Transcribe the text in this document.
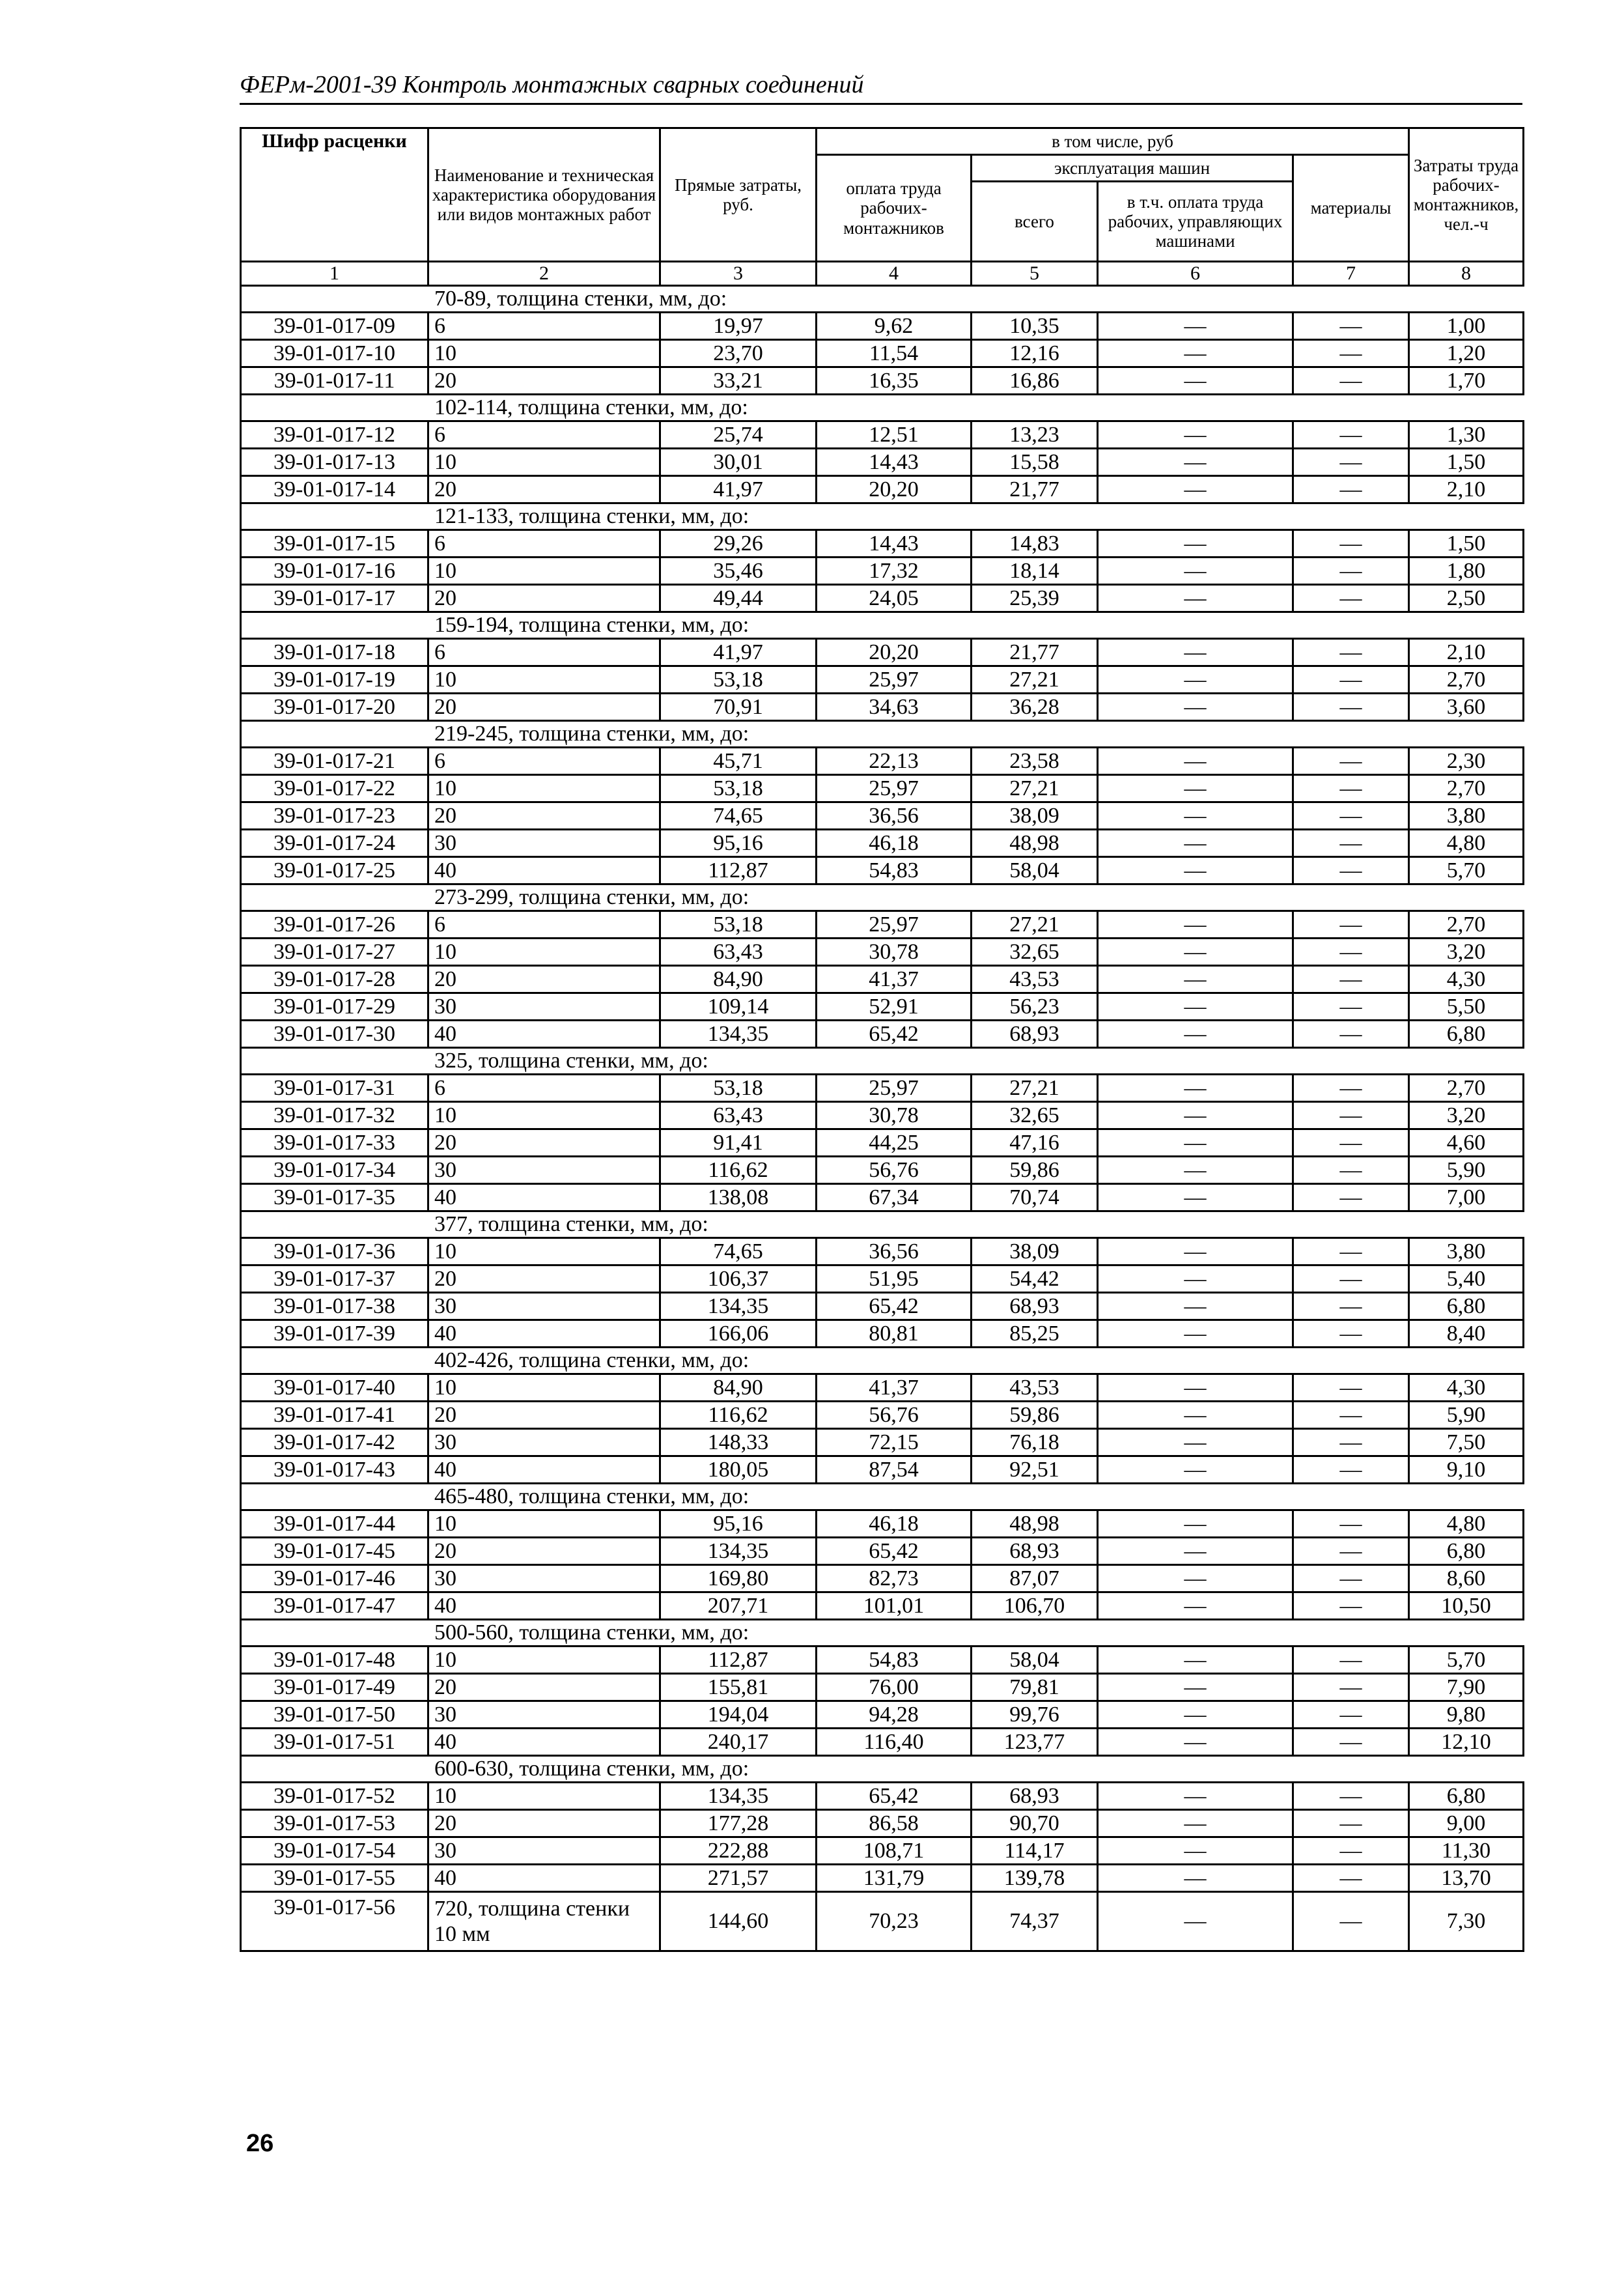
ФЕРм-2001-39 Контроль монтажных сварных соединений
Шифр расценки	Наименование и техническая характеристика оборудования или видов монтажных работ	Прямые затраты, руб.	в том числе, руб				Затраты труда рабочих-монтажников, чел.-ч
			оплата труда рабочих-монтажников	эксплуатация машин		материалы	
				всего	в т.ч. оплата труда рабочих, управляющих машинами		
1	2	3	4	5	6	7	8
70-89, толщина стенки, мм, до:							
39-01-017-09	6	19,97	9,62	10,35	—	—	1,00
39-01-017-10	10	23,70	11,54	12,16	—	—	1,20
39-01-017-11	20	33,21	16,35	16,86	—	—	1,70
102-114, толщина стенки, мм, до:							
39-01-017-12	6	25,74	12,51	13,23	—	—	1,30
39-01-017-13	10	30,01	14,43	15,58	—	—	1,50
39-01-017-14	20	41,97	20,20	21,77	—	—	2,10
121-133, толщина стенки, мм, до:							
39-01-017-15	6	29,26	14,43	14,83	—	—	1,50
39-01-017-16	10	35,46	17,32	18,14	—	—	1,80
39-01-017-17	20	49,44	24,05	25,39	—	—	2,50
159-194, толщина стенки, мм, до:							
39-01-017-18	6	41,97	20,20	21,77	—	—	2,10
39-01-017-19	10	53,18	25,97	27,21	—	—	2,70
39-01-017-20	20	70,91	34,63	36,28	—	—	3,60
219-245, толщина стенки, мм, до:							
39-01-017-21	6	45,71	22,13	23,58	—	—	2,30
39-01-017-22	10	53,18	25,97	27,21	—	—	2,70
39-01-017-23	20	74,65	36,56	38,09	—	—	3,80
39-01-017-24	30	95,16	46,18	48,98	—	—	4,80
39-01-017-25	40	112,87	54,83	58,04	—	—	5,70
273-299, толщина стенки, мм, до:							
39-01-017-26	6	53,18	25,97	27,21	—	—	2,70
39-01-017-27	10	63,43	30,78	32,65	—	—	3,20
39-01-017-28	20	84,90	41,37	43,53	—	—	4,30
39-01-017-29	30	109,14	52,91	56,23	—	—	5,50
39-01-017-30	40	134,35	65,42	68,93	—	—	6,80
325, толщина стенки, мм, до:							
39-01-017-31	6	53,18	25,97	27,21	—	—	2,70
39-01-017-32	10	63,43	30,78	32,65	—	—	3,20
39-01-017-33	20	91,41	44,25	47,16	—	—	4,60
39-01-017-34	30	116,62	56,76	59,86	—	—	5,90
39-01-017-35	40	138,08	67,34	70,74	—	—	7,00
377, толщина стенки, мм, до:							
39-01-017-36	10	74,65	36,56	38,09	—	—	3,80
39-01-017-37	20	106,37	51,95	54,42	—	—	5,40
39-01-017-38	30	134,35	65,42	68,93	—	—	6,80
39-01-017-39	40	166,06	80,81	85,25	—	—	8,40
402-426, толщина стенки, мм, до:							
39-01-017-40	10	84,90	41,37	43,53	—	—	4,30
39-01-017-41	20	116,62	56,76	59,86	—	—	5,90
39-01-017-42	30	148,33	72,15	76,18	—	—	7,50
39-01-017-43	40	180,05	87,54	92,51	—	—	9,10
465-480, толщина стенки, мм, до:							
39-01-017-44	10	95,16	46,18	48,98	—	—	4,80
39-01-017-45	20	134,35	65,42	68,93	—	—	6,80
39-01-017-46	30	169,80	82,73	87,07	—	—	8,60
39-01-017-47	40	207,71	101,01	106,70	—	—	10,50
500-560, толщина стенки, мм, до:							
39-01-017-48	10	112,87	54,83	58,04	—	—	5,70
39-01-017-49	20	155,81	76,00	79,81	—	—	7,90
39-01-017-50	30	194,04	94,28	99,76	—	—	9,80
39-01-017-51	40	240,17	116,40	123,77	—	—	12,10
600-630, толщина стенки, мм, до:							
39-01-017-52	10	134,35	65,42	68,93	—	—	6,80
39-01-017-53	20	177,28	86,58	90,70	—	—	9,00
39-01-017-54	30	222,88	108,71	114,17	—	—	11,30
39-01-017-55	40	271,57	131,79	139,78	—	—	13,70
39-01-017-56	720, толщина стенки 10 мм	144,60	70,23	74,37	—	—	7,30
26
